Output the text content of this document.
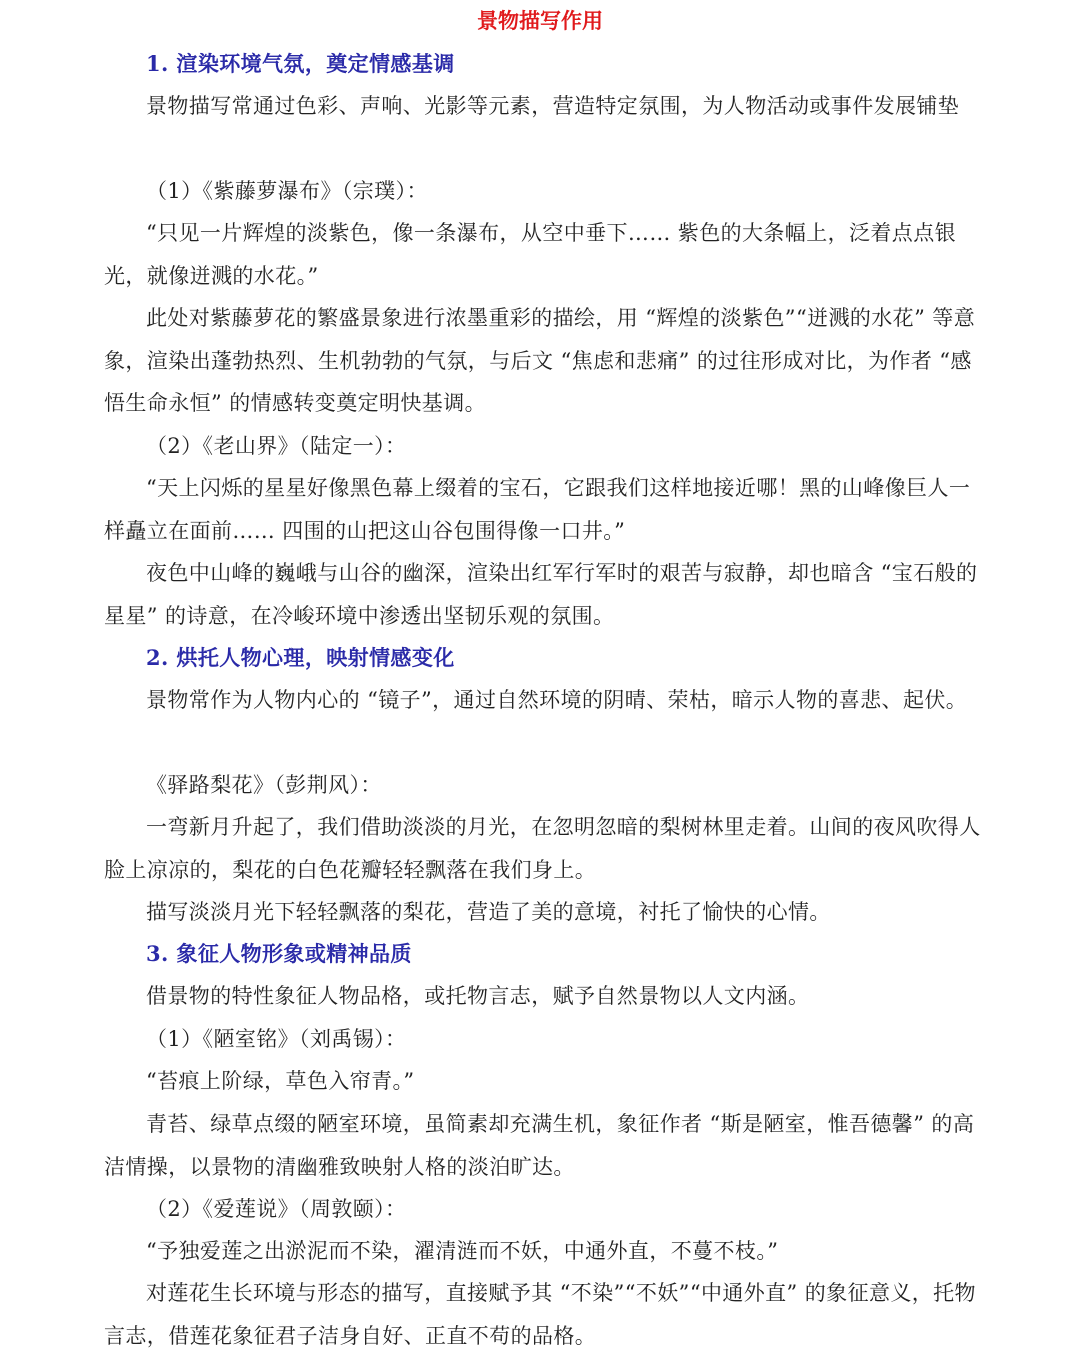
景物描写作用

1. 渲染环境气氛，奠定情感基调

景物描写常通过色彩、声响、光影等元素，营造特定氛围，为人物活动或事件发展铺垫

（1）《紫藤萝瀑布》（宗璞）：

“只见一片辉煌的淡紫色，像一条瀑布，从空中垂下…… 紫色的大条幅上，泛着点点银光，就像迸溅的水花。”

此处对紫藤萝花的繁盛景象进行浓墨重彩的描绘，用 “辉煌的淡紫色”“迸溅的水花” 等意象，渲染出蓬勃热烈、生机勃勃的气氛，与后文 “焦虑和悲痛” 的过往形成对比，为作者 “感悟生命永恒” 的情感转变奠定明快基调。

（2）《老山界》（陆定一）：

“天上闪烁的星星好像黑色幕上缀着的宝石，它跟我们这样地接近哪！黑的山峰像巨人一样矗立在面前…… 四围的山把这山谷包围得像一口井。”

夜色中山峰的巍峨与山谷的幽深，渲染出红军行军时的艰苦与寂静，却也暗含 “宝石般的星星” 的诗意，在冷峻环境中渗透出坚韧乐观的氛围。

2. 烘托人物心理，映射情感变化

景物常作为人物内心的 “镜子”，通过自然环境的阴晴、荣枯，暗示人物的喜悲、起伏。

《驿路梨花》（彭荆风）：

一弯新月升起了，我们借助淡淡的月光，在忽明忽暗的梨树林里走着。山间的夜风吹得人脸上凉凉的，梨花的白色花瓣轻轻飘落在我们身上。

描写淡淡月光下轻轻飘落的梨花，营造了美的意境，衬托了愉快的心情。

3. 象征人物形象或精神品质

借景物的特性象征人物品格，或托物言志，赋予自然景物以人文内涵。

（1）《陋室铭》（刘禹锡）：

“苔痕上阶绿，草色入帘青。”

青苔、绿草点缀的陋室环境，虽简素却充满生机，象征作者 “斯是陋室，惟吾德馨” 的高洁情操，以景物的清幽雅致映射人格的淡泊旷达。

（2）《爱莲说》（周敦颐）：

“予独爱莲之出淤泥而不染，濯清涟而不妖，中通外直，不蔓不枝。”

对莲花生长环境与形态的描写，直接赋予其 “不染”“不妖”“中通外直” 的象征意义，托物言志，借莲花象征君子洁身自好、正直不苟的品格。
